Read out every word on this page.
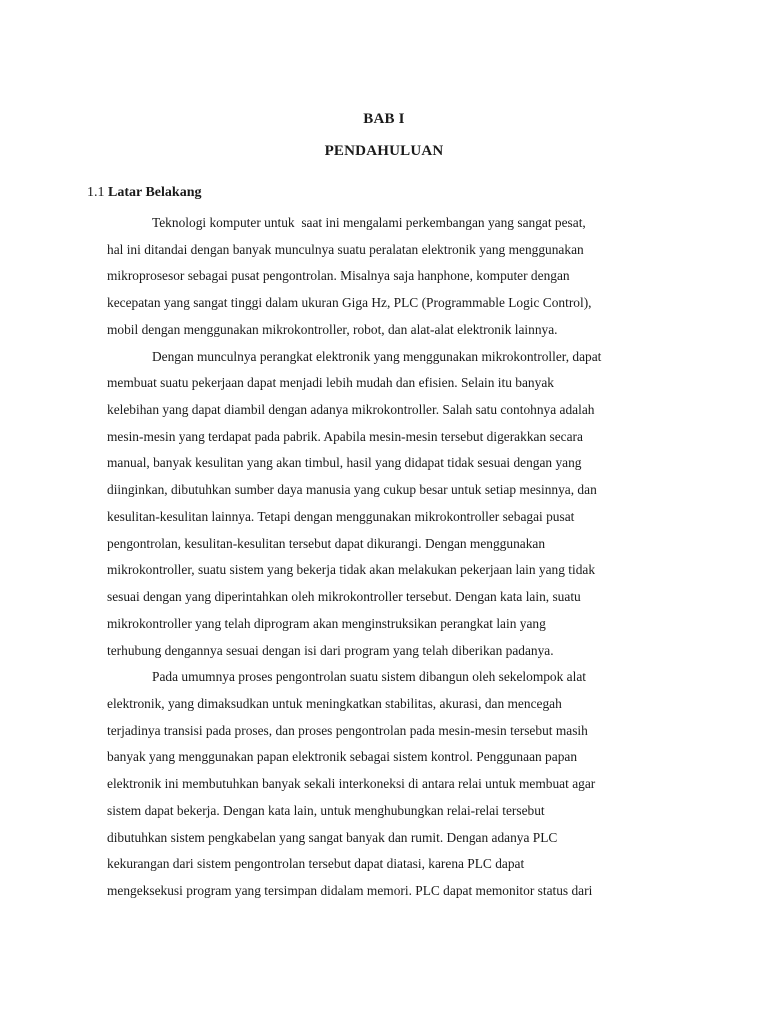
BAB I
PENDAHULUAN
1.1 Latar Belakang
Teknologi komputer untuk  saat ini mengalami perkembangan yang sangat pesat,
hal ini ditandai dengan banyak munculnya suatu peralatan elektronik yang menggunakan
mikroprosesor sebagai pusat pengontrolan. Misalnya saja hanphone, komputer dengan
kecepatan yang sangat tinggi dalam ukuran Giga Hz, PLC (Programmable Logic Control),
mobil dengan menggunakan mikrokontroller, robot, dan alat-alat elektronik lainnya.
Dengan munculnya perangkat elektronik yang menggunakan mikrokontroller, dapat
membuat suatu pekerjaan dapat menjadi lebih mudah dan efisien. Selain itu banyak
kelebihan yang dapat diambil dengan adanya mikrokontroller. Salah satu contohnya adalah
mesin-mesin yang terdapat pada pabrik. Apabila mesin-mesin tersebut digerakkan secara
manual, banyak kesulitan yang akan timbul, hasil yang didapat tidak sesuai dengan yang
diinginkan, dibutuhkan sumber daya manusia yang cukup besar untuk setiap mesinnya, dan
kesulitan-kesulitan lainnya. Tetapi dengan menggunakan mikrokontroller sebagai pusat
pengontrolan, kesulitan-kesulitan tersebut dapat dikurangi. Dengan menggunakan
mikrokontroller, suatu sistem yang bekerja tidak akan melakukan pekerjaan lain yang tidak
sesuai dengan yang diperintahkan oleh mikrokontroller tersebut. Dengan kata lain, suatu
mikrokontroller yang telah diprogram akan menginstruksikan perangkat lain yang
terhubung dengannya sesuai dengan isi dari program yang telah diberikan padanya.
Pada umumnya proses pengontrolan suatu sistem dibangun oleh sekelompok alat
elektronik, yang dimaksudkan untuk meningkatkan stabilitas, akurasi, dan mencegah
terjadinya transisi pada proses, dan proses pengontrolan pada mesin-mesin tersebut masih
banyak yang menggunakan papan elektronik sebagai sistem kontrol. Penggunaan papan
elektronik ini membutuhkan banyak sekali interkoneksi di antara relai untuk membuat agar
sistem dapat bekerja. Dengan kata lain, untuk menghubungkan relai-relai tersebut
dibutuhkan sistem pengkabelan yang sangat banyak dan rumit. Dengan adanya PLC
kekurangan dari sistem pengontrolan tersebut dapat diatasi, karena PLC dapat
mengeksekusi program yang tersimpan didalam memori. PLC dapat memonitor status dari
